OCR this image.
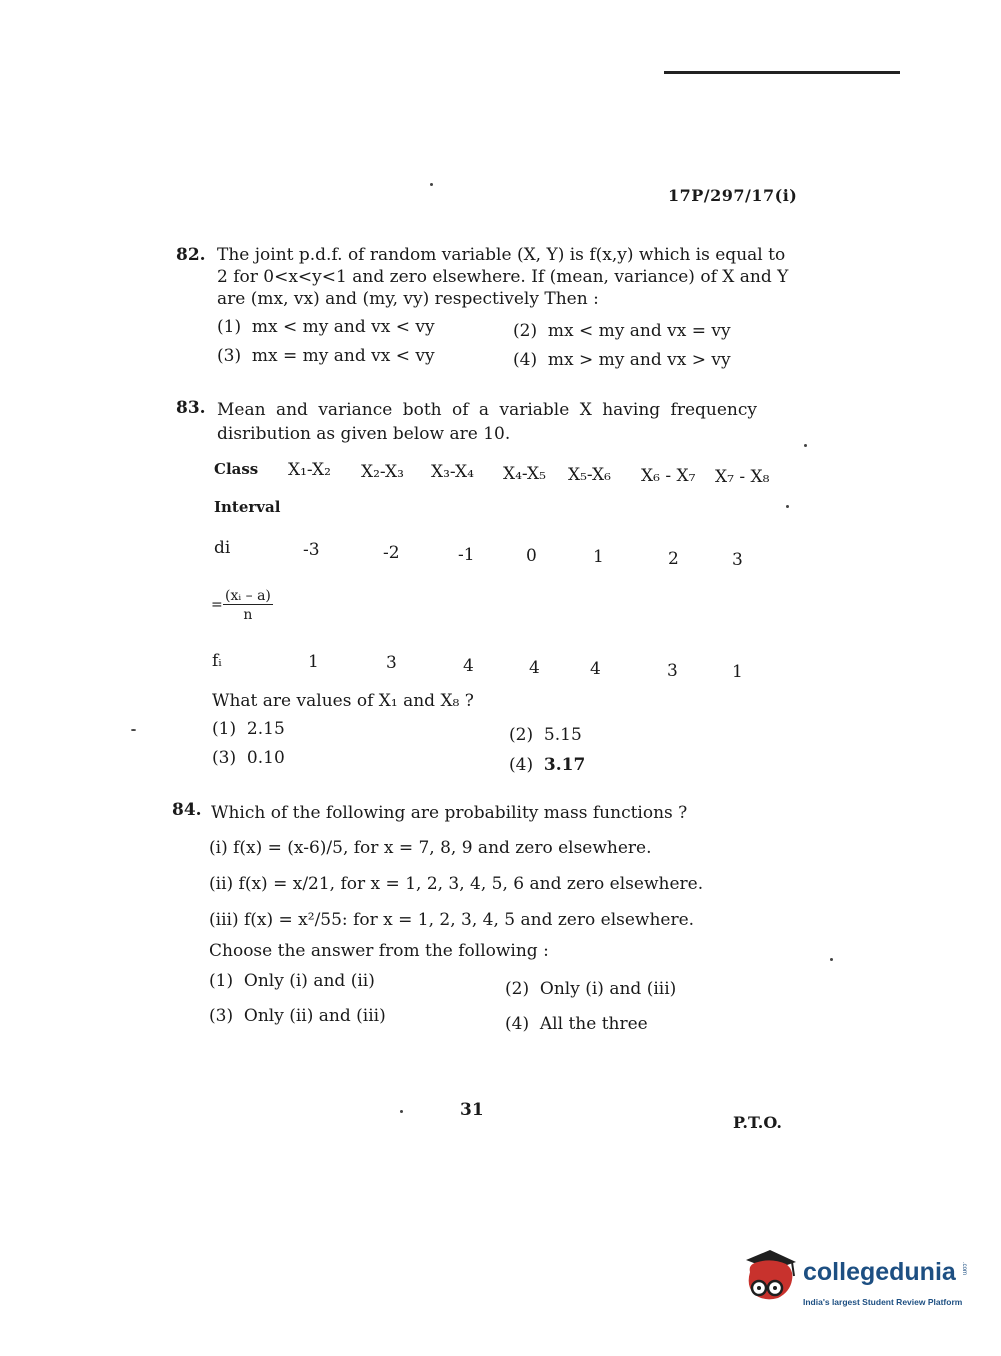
17P/297/17(i)
82. The joint p.d.f. of random variable (X, Y) is f(x,y) which is equal to
2 for 0<x<y<1 and zero elsewhere. If (mean, variance) of X and Y
are (mx, vx) and (my, vy) respectively Then :
(1) mx < my and vx < vy	(2) mx < my and vx = vy
(3) mx = my and vx < vy	(4) mx > my and vx > vy
83. Mean and variance both of a variable X having frequency
disribution as given below are 10.
Class X₁-X₂ X₂-X₃ X₃-X₄ X₄-X₅ X₅-X₆ X₆ - X₇ X₇ - X₈
Interval
di	-3	-2	-1	0	1	2	3
= $\frac{\text{(xᵢ – a)}}{n}$
fᵢ	1	3	4	4	4	3	1
What are values of X₁ and X₈ ?
(1) 2.15	(2) 5.15
(3) 0.10	(4) 3.17
84. Which of the following are probability mass functions ?
(i) f(x) = (x-6)/5, for x = 7, 8, 9 and zero elsewhere.
(ii) f(x) = x/21, for x = 1, 2, 3, 4, 5, 6 and zero elsewhere.
(iii) f(x) = x²/55: for x = 1, 2, 3, 4, 5 and zero elsewhere.
Choose the answer from the following :
(1) Only (i) and (ii)	(2) Only (i) and (iii)
(3) Only (ii) and (iii)	(4) All the three
31
P.T.O.
collegedunia .com
India's largest Student Review Platform
